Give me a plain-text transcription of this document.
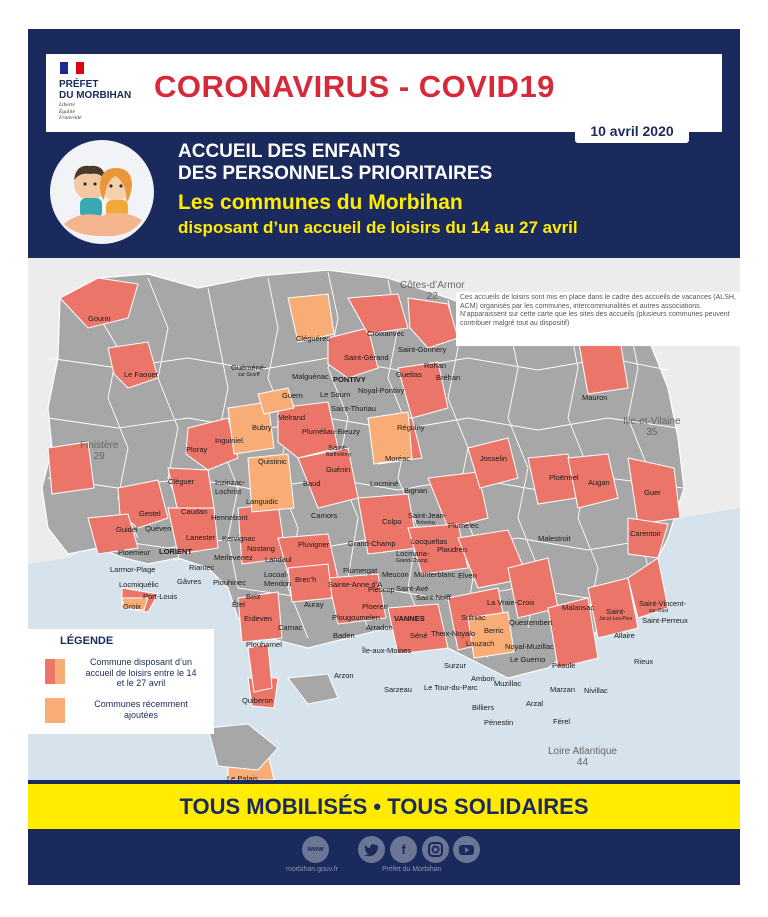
PRÉFET
DU MORBIHAN
Liberté
Égalité
Fraternité
CORONAVIRUS - COVID19
10 avril 2020
ACCUEIL DES ENFANTS
DES PERSONNELS PRIORITAIRES
Les communes du Morbihan
disposant d’un accueil de loisirs du 14 au 27 avril
Ces accueils de loisirs sont mis en place dans le cadre des accueils de vacances (ALSH, ACM) organisés par les communes, intercommunalités et autres associations. N’apparaissent sur cette carte que les sites des accueils (plusieurs communes peuvent contribuer malgré tout au dispositif)
Côtes-d’Armor
22
Finistère
29
Ille-et-Vilaine
35
Loire Atlantique
44
Gourin
Le Faouet
Cléguérec
Croixanvec
Saint-Gérand
Saint-Gonnery
Rohan
Gueltas Bréhan
Guéméné-
sur-Scorff	Malguénac PONTIVY
Noyal-Pontivy
Le Sourn
Guern
Saint-Thuriau
Melrand
Mauron
Bubry	Pluméliau-Bieuzy	Réguiny
Inguiniel
Ploray	Saint-
Barthélémy
Quistinic	Moréac	Josselin
Guénin
Cléguer	Inzinzac-
Lochrist
Ploërmel
Augan
Locminé
Baud
Guer
Languidic
Bignan
Gestel	Caudan
Hennebont	Camors	Saint-Jean-
Brévelay
Colpo	Plumelec
Guidel Quéven
Carentoir
Lanester Kervignac	Malestroit
Pluvigner Grand-Champ Locqueltas
Nostang
Ploemeur LORIENT	Locmaria-
Grand-Champ
Plaudren
Merlevenez Landaul
Larmor-Plage	Riantec	Plumergat Meucon Monterblanc Elven
Locoal-
Mendon Brec’h
Locmiquélic Gâvres Plouhinec	Sainte-Anne d’A
Plescop Saint-Avé
Port-Louis	Belz	Saint-Nolff
Groix	Étel	Auray	Ploeren
Sulniac
La Vraie-Croix
Malansac	Saint-Vincent-
sur-Oust
Saint-
Jacut-Les-Pins
Erdeven	Plougoumelen VANNES	Saint-Perreux
Questembert
Carnac	Arradon	Berric
Baden	Séné Theix-Noyalo	Allaire
Lauzach Noyal-Muzillac
Plouharnel
Île-aux-Moines
Le Guerno
Péaule	Rieux
Surzur
Ambon
Arzon
Muzillac
Marzan Nivillac
Sarzeau Le Tour-du-Parc
Quiberon	Arzal
Billiers
Férel
Pénestin
Le Palais
LÉGENDE
Commune disposant d’un accueil de loisirs entre le 14 et le 27 avril
Communes récemment ajoutées
TOUS MOBILISÉS • TOUS SOLIDAIRES
www	f
morbihan.gouv.fr	Préfet du Morbihan
